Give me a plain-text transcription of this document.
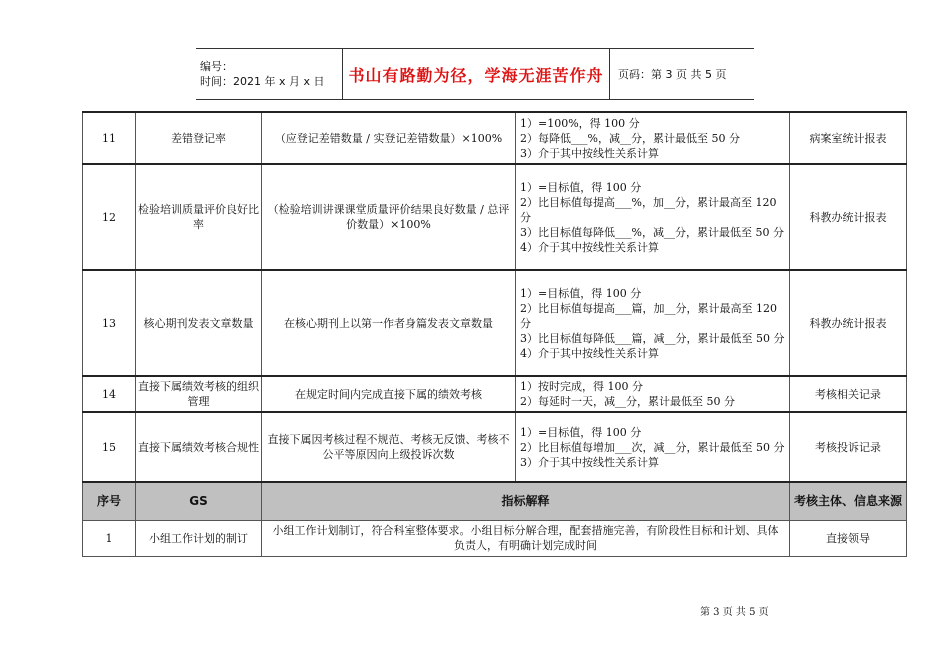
编号：
时间：2021 年 x 月 x 日	书山有路勤为径，学海无涯苦作舟	页码：第 3 页 共 5 页
11	差错登记率	（应登记差错数量 / 实登记差错数量）×100%	1）=100%，得 100 分
2）每降低___%，减__分，累计最低至 50 分
3）介于其中按线性关系计算	病案室统计报表
12	检验培训质量评价良好比率	（检验培训讲课课堂质量评价结果良好数量 / 总评价数量）×100%	1）=目标值，得 100 分
2）比目标值每提高___%，加__分，累计最高至 120 分
3）比目标值每降低___%，减__分，累计最低至 50 分
4）介于其中按线性关系计算	科教办统计报表
13	核心期刊发表文章数量	在核心期刊上以第一作者身篇发表文章数量	1）=目标值，得 100 分
2）比目标值每提高___篇，加__分，累计最高至 120 分
3）比目标值每降低___篇，减__分，累计最低至 50 分
4）介于其中按线性关系计算	科教办统计报表
14	直接下属绩效考核的组织管理	在规定时间内完成直接下属的绩效考核	1）按时完成，得 100 分
2）每延时一天，减__分，累计最低至 50 分	考核相关记录
15	直接下属绩效考核合规性	直接下属因考核过程不规范、考核无反馈、考核不公平等原因向上级投诉次数	1）=目标值，得 100 分
2）比目标值每增加___次，减__分，累计最低至 50 分
3）介于其中按线性关系计算	考核投诉记录
序号	GS	指标解释		考核主体、信息来源
1	小组工作计划的制订	小组工作计划制订，符合科室整体要求。小组目标分解合理，配套措施完善，有阶段性目标和计划、具体负责人，有明确计划完成时间		直接领导
第 3 页 共 5 页
